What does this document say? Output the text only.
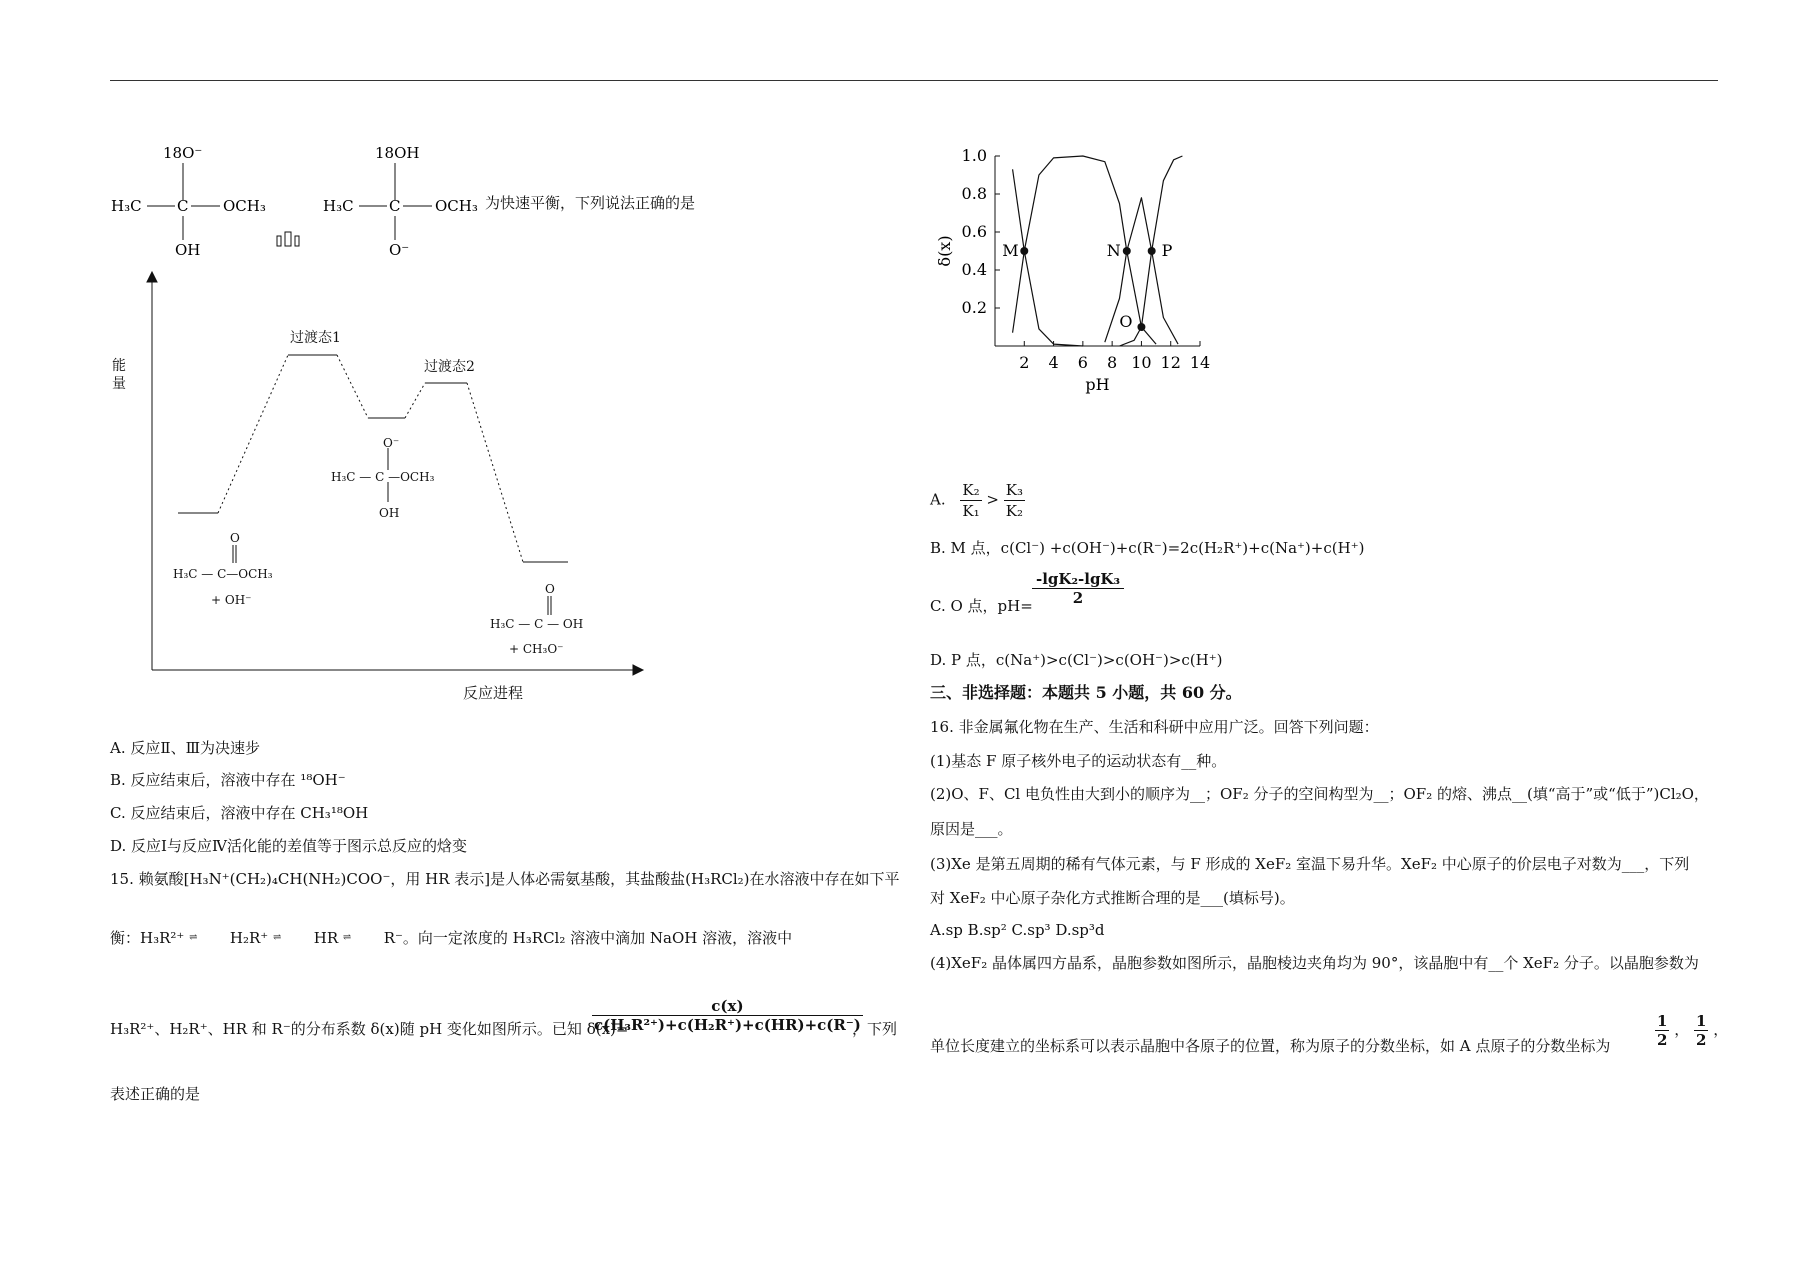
18O⁻
H₃C C OCH₃
OH
18OH
H₃C C OCH₃
O⁻
为快速平衡，下列说法正确的是
能
量
过渡态1
过渡态2
O
H₃C — C—OCH₃
+ OH⁻
O⁻
H₃C — C —OCH₃
OH
O
H₃C — C — OH
+ CH₃O⁻
反应进程
A. 反应Ⅱ、Ⅲ为决速步
B. 反应结束后，溶液中存在 ¹⁸OH⁻
C. 反应结束后，溶液中存在 CH₃¹⁸OH
D. 反应Ⅰ与反应Ⅳ活化能的差值等于图示总反应的焓变
15. 赖氨酸[H₃N⁺(CH₂)₄CH(NH₂)COO⁻，用 HR 表示]是人体必需氨基酸，其盐酸盐(H₃RCl₂)在水溶液中存在如下平
衡：H₃R²⁺ ⇌ H₂R⁺ ⇌ HR ⇌ R⁻。向一定浓度的 H₃RCl₂ 溶液中滴加 NaOH 溶液，溶液中
H₃R²⁺、H₂R⁺、HR 和 R⁻的分布系数 δ(x)随 pH 变化如图所示。已知 δ(x)=
$\frac{c(x)}{\text{c(H₃R²⁺)+c(H₂R⁺)+c(HR)+c(R⁻)}}$
，下列
表述正确的是
2 4 6 8 10 12 14
0.2
0.4
0.6
0.8
1.0
pH
δ(x)	M	N
O
P
A. $\frac{\text{K₂}}{\text{K₁}} > \frac{\text{K₃}}{\text{K₂}}$
B. M 点，c(Cl⁻) +c(OH⁻)+c(R⁻)=2c(H₂R⁺)+c(Na⁺)+c(H⁺)
C. O 点，$pH= \frac{\text{-lgK₂-lgK₃}}{2}$
D. P 点，c(Na⁺)>c(Cl⁻)>c(OH⁻)>c(H⁺)
三、非选择题：本题共 5 小题，共 60 分。
16. 非金属氟化物在生产、生活和科研中应用广泛。回答下列问题：
(1)基态 F 原子核外电子的运动状态有__种。
(2)O、F、Cl 电负性由大到小的顺序为__；OF₂ 分子的空间构型为__；OF₂ 的熔、沸点__(填“高于”或“低于”)Cl₂O，
原因是___。
(3)Xe 是第五周期的稀有气体元素，与 F 形成的 XeF₂ 室温下易升华。XeF₂ 中心原子的价层电子对数为___，下列
对 XeF₂ 中心原子杂化方式推断合理的是___(填标号)。
A.sp B.sp² C.sp³ D.sp³d
(4)XeF₂ 晶体属四方晶系，晶胞参数如图所示，晶胞棱边夹角均为 90°，该晶胞中有__个 XeF₂ 分子。以晶胞参数为
单位长度建立的坐标系可以表示晶胞中各原子的位置，称为原子的分数坐标，如 A 点原子的分数坐标为	$\frac{1}{2}$ ， $\frac{1}{2}$ ，
